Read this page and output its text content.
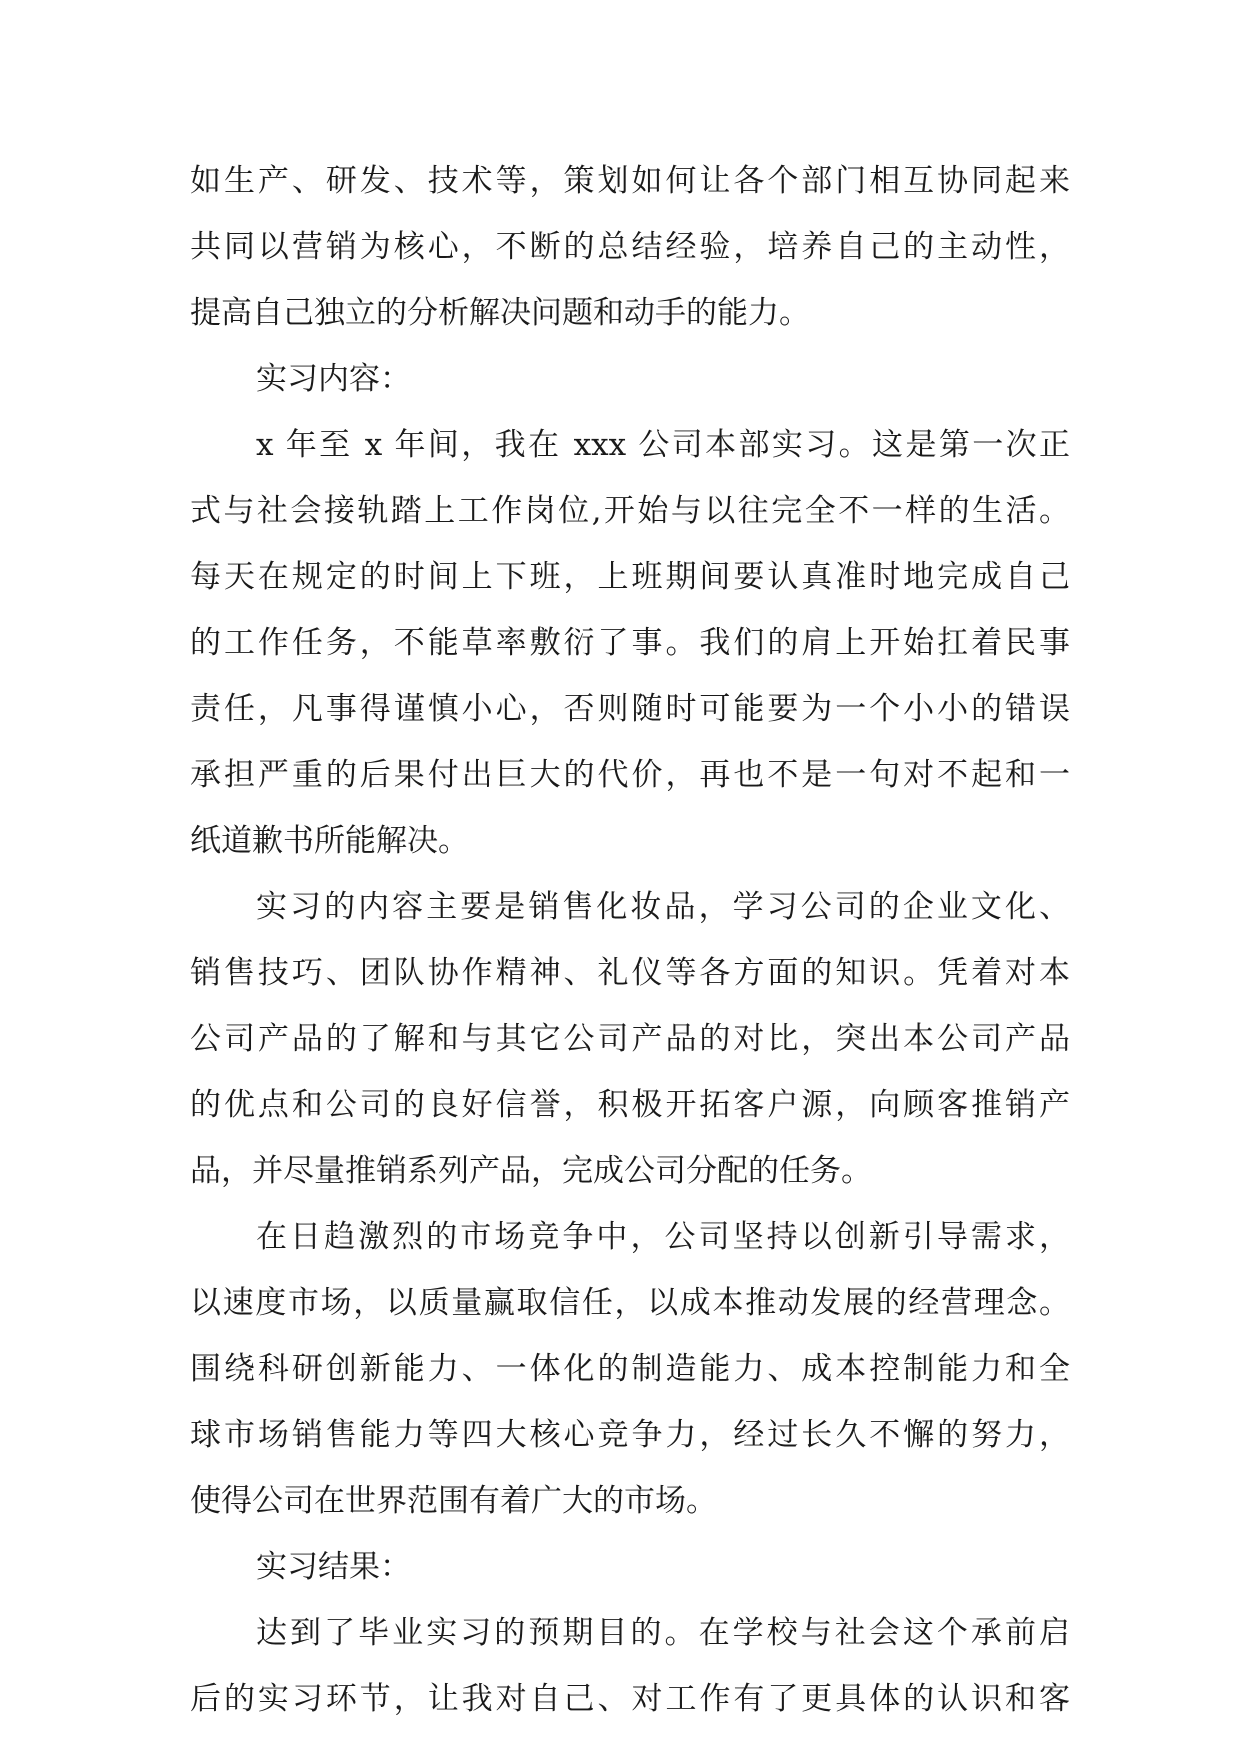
如生产、研发、技术等，策划如何让各个部门相互协同起来
共同以营销为核心，不断的总结经验，培养自己的主动性，
提高自己独立的分析解决问题和动手的能力。
实习内容：
x 年至 x 年间，我在 xxx 公司本部实习。这是第一次正
式与社会接轨踏上工作岗位,开始与以往完全不一样的生活。
每天在规定的时间上下班，上班期间要认真准时地完成自己
的工作任务，不能草率敷衍了事。我们的肩上开始扛着民事
责任，凡事得谨慎小心，否则随时可能要为一个小小的错误
承担严重的后果付出巨大的代价，再也不是一句对不起和一
纸道歉书所能解决。
实习的内容主要是销售化妆品，学习公司的企业文化、
销售技巧、团队协作精神、礼仪等各方面的知识。凭着对本
公司产品的了解和与其它公司产品的对比，突出本公司产品
的优点和公司的良好信誉，积极开拓客户源，向顾客推销产
品，并尽量推销系列产品，完成公司分配的任务。
在日趋激烈的市场竞争中，公司坚持以创新引导需求，
以速度市场，以质量赢取信任，以成本推动发展的经营理念。
围绕科研创新能力、一体化的制造能力、成本控制能力和全
球市场销售能力等四大核心竞争力，经过长久不懈的努力，
使得公司在世界范围有着广大的市场。
实习结果：
达到了毕业实习的预期目的。在学校与社会这个承前启
后的实习环节，让我对自己、对工作有了更具体的认识和客
